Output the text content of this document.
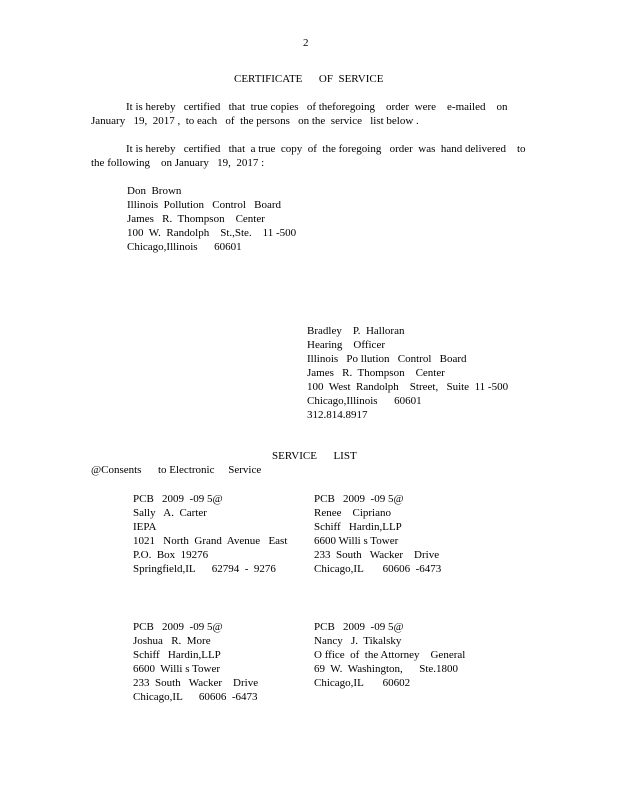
2
CERTIFICATE      OF  SERVICE
It is hereby   certified   that  true copies   of theforegoing    order  were    e-mailed    on
January   19,  2017 ,  to each   of  the persons   on the  service   list below .
It is hereby   certified   that  a true  copy  of  the foregoing   order  was  hand delivered    to
the following    on January   19,  2017 :
Don  Brown
Illinois  Pollution   Control   Board
James   R.  Thompson    Center
100  W.  Randolph    St.,Ste.    11 -500
Chicago,Illinois      60601
Bradley    P.  Halloran
Hearing    Officer
Illinois   Po llution   Control   Board
James   R.  Thompson    Center
100  West  Randolph    Street,   Suite  11 -500
Chicago,Illinois      60601
312.814.8917
SERVICE      LIST
@Consents      to Electronic     Service
PCB   2009  -09 5@
Sally   A.  Carter
IEPA
1021   North  Grand  Avenue   East
P.O.  Box  19276
Springfield,IL      62794  -  9276
PCB   2009  -09 5@
Renee    Cipriano
Schiff   Hardin,LLP
6600 Willi s Tower
233  South   Wacker    Drive
Chicago,IL       60606  -6473
PCB   2009  -09 5@
Joshua   R.  More
Schiff   Hardin,LLP
6600  Willi s Tower
233  South   Wacker    Drive
Chicago,IL      60606  -6473
PCB   2009  -09 5@
Nancy   J.  Tikalsky
O ffice  of  the Attorney    General
69  W.  Washington,      Ste.1800
Chicago,IL       60602
